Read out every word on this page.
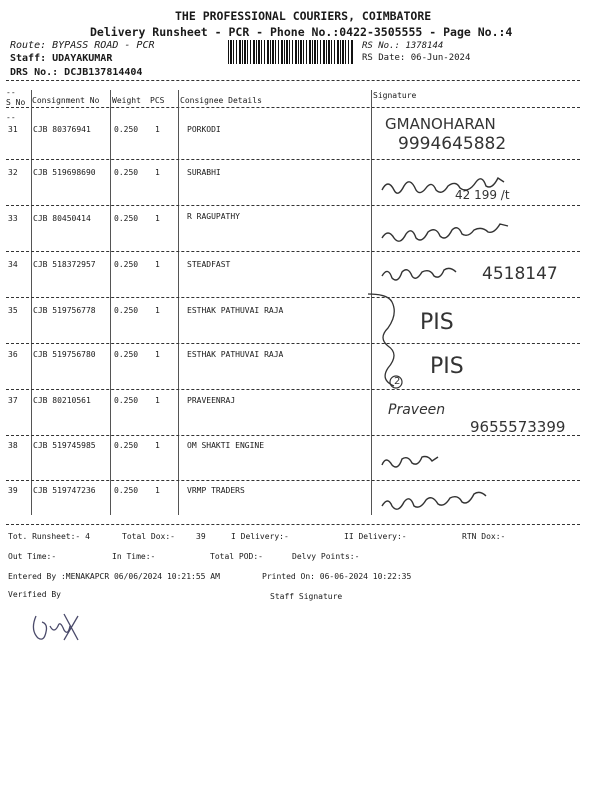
THE PROFESSIONAL COURIERS, COIMBATORE
Delivery Runsheet - PCR - Phone No.:0422-3505555 - Page No.:4
Route: BYPASS ROAD - PCR
Staff: UDAYAKUMAR
DRS No.: DCJB137814404
RS No.: 1378144
RS Date: 06-Jun-2024
--
S No Consignment No Weight PCS Consignee Details
Signature
--
31 CJB 80376941	0.250 1	PORKODI	GMANOHARAN
9994645882
32 CJB 519698690 0.250 1	SURABHI
42 199 /t
33 CJB 80450414	0.250 1	R RAGUPATHY
34 CJB 518372957 0.250 1	STEADFAST	4518147
35 CJB 519756778 0.250 1	ESTHAK PATHUVAI RAJA	PIS
36 CJB 519756780 0.250 1	ESTHAK PATHUVAI RAJA	PIS
2
37 CJB 80210561	0.250 1	PRAVEENRAJ
Praveen
9655573399
38 CJB 519745985 0.250 1	OM SHAKTI ENGINE
39 CJB 519747236 0.250 1	VRMP TRADERS
Tot. Runsheet:- 4	Total Dox:-	39	I Delivery:-	II Delivery:-	RTN Dox:-
Out Time:-	In Time:-	Total POD:-	Delvy Points:-
Entered By :MENAKAPCR 06/06/2024 10:21:55 AM	Printed On: 06-06-2024 10:22:35
Verified By	Staff Signature
